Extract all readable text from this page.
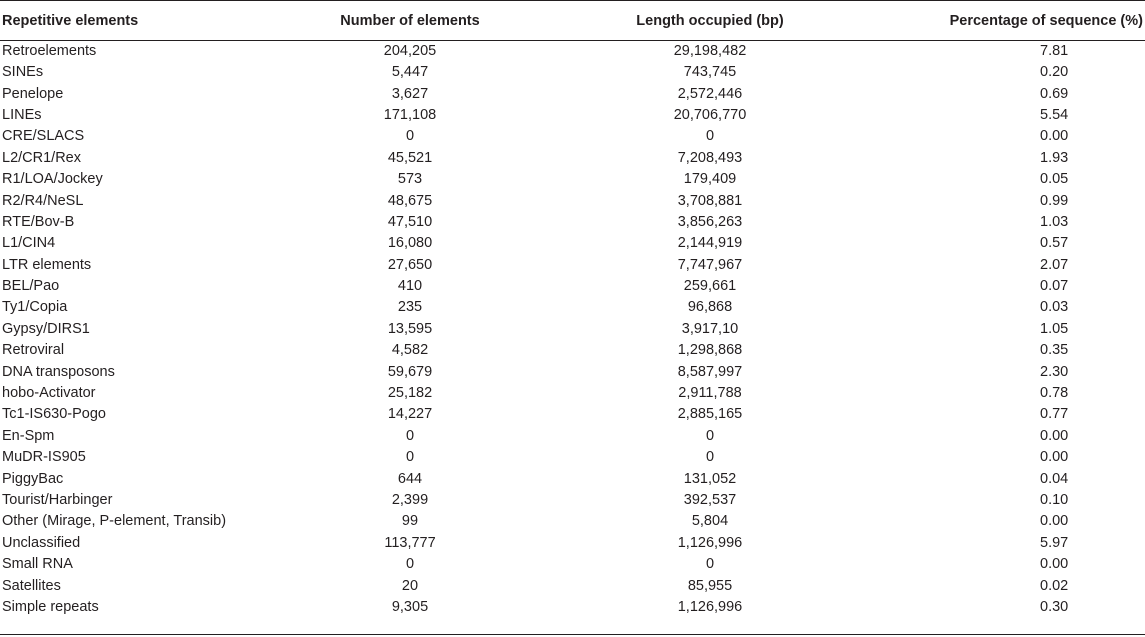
Repetitive elements	Number of elements	Length occupied (bp)	Percentage of sequence (%)
Retroelements	204,205	29,198,482	7.81
SINEs	5,447	743,745	0.20
Penelope	3,627	2,572,446	0.69
LINEs	171,108	20,706,770	5.54
CRE/SLACS	0	0	0.00
L2/CR1/Rex	45,521	7,208,493	1.93
R1/LOA/Jockey	573	179,409	0.05
R2/R4/NeSL	48,675	3,708,881	0.99
RTE/Bov-B	47,510	3,856,263	1.03
L1/CIN4	16,080	2,144,919	0.57
LTR elements	27,650	7,747,967	2.07
BEL/Pao	410	259,661	0.07
Ty1/Copia	235	96,868	0.03
Gypsy/DIRS1	13,595	3,917,10	1.05
Retroviral	4,582	1,298,868	0.35
DNA transposons	59,679	8,587,997	2.30
hobo-Activator	25,182	2,911,788	0.78
Tc1-IS630-Pogo	14,227	2,885,165	0.77
En-Spm	0	0	0.00
MuDR-IS905	0	0	0.00
PiggyBac	644	131,052	0.04
Tourist/Harbinger	2,399	392,537	0.10
Other (Mirage, P-element, Transib)	99	5,804	0.00
Unclassified	113,777	1,126,996	5.97
Small RNA	0	0	0.00
Satellites	20	85,955	0.02
Simple repeats	9,305	1,126,996	0.30
